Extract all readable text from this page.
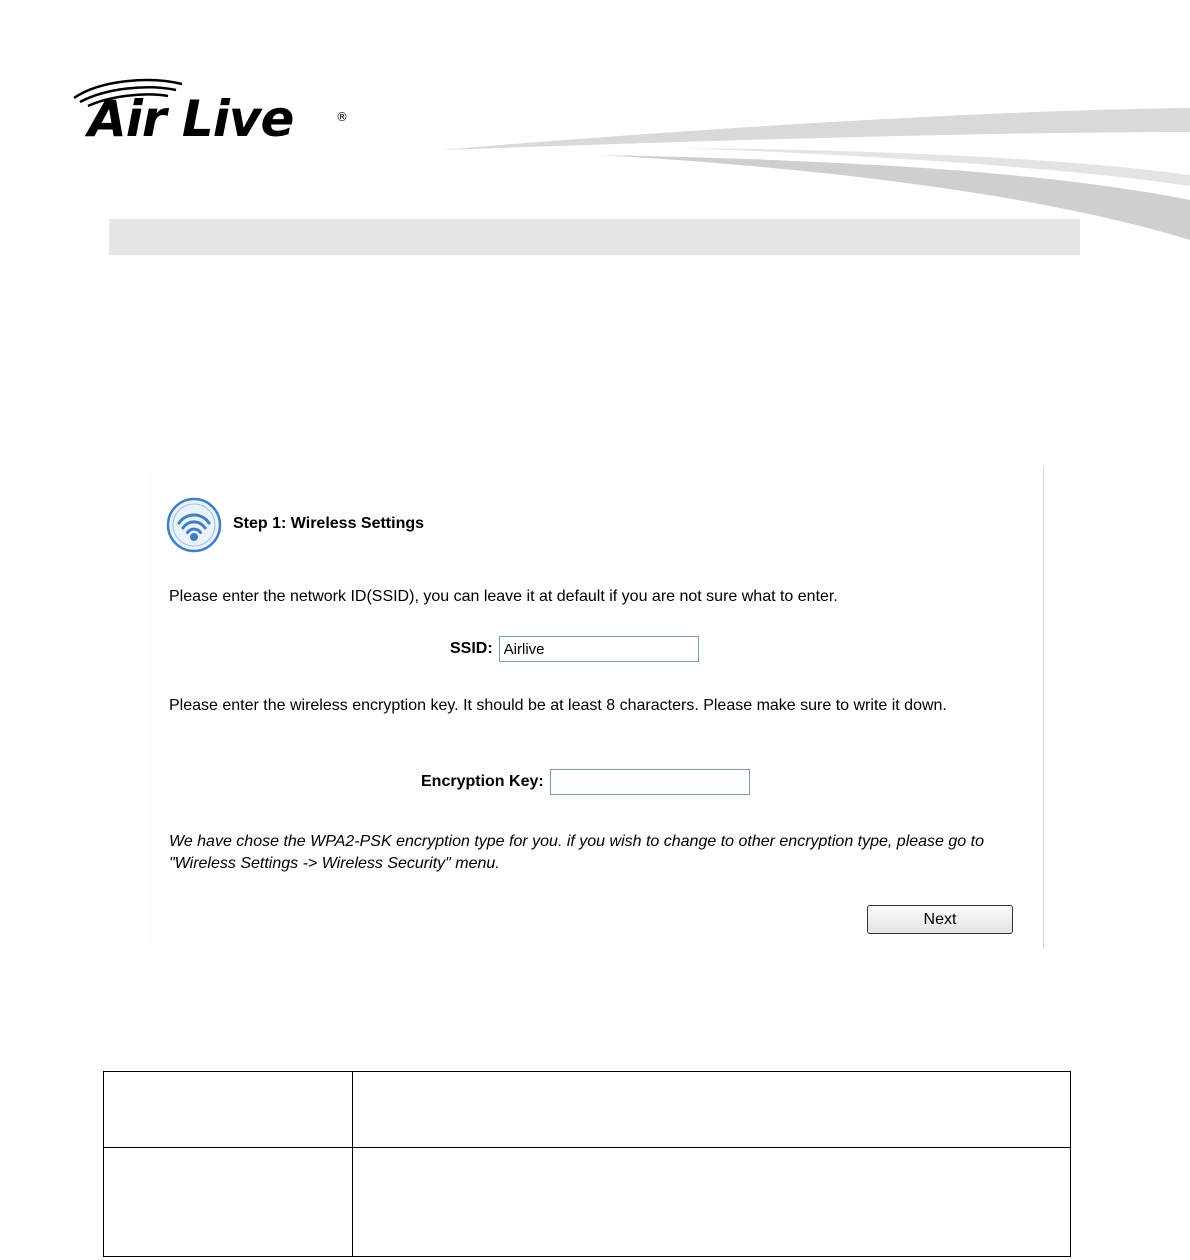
Air Live	®
Step 1: Wireless Settings
Please enter the network ID(SSID), you can leave it at default if you are not sure what to enter.
SSID:
Airlive
Please enter the wireless encryption key. It should be at least 8 characters. Please make sure to write it down.
Encryption Key:
We have chose the WPA2-PSK encryption type for you. if you wish to change to other encryption type, please go to "Wireless Settings -> Wireless Security" menu.
Next
